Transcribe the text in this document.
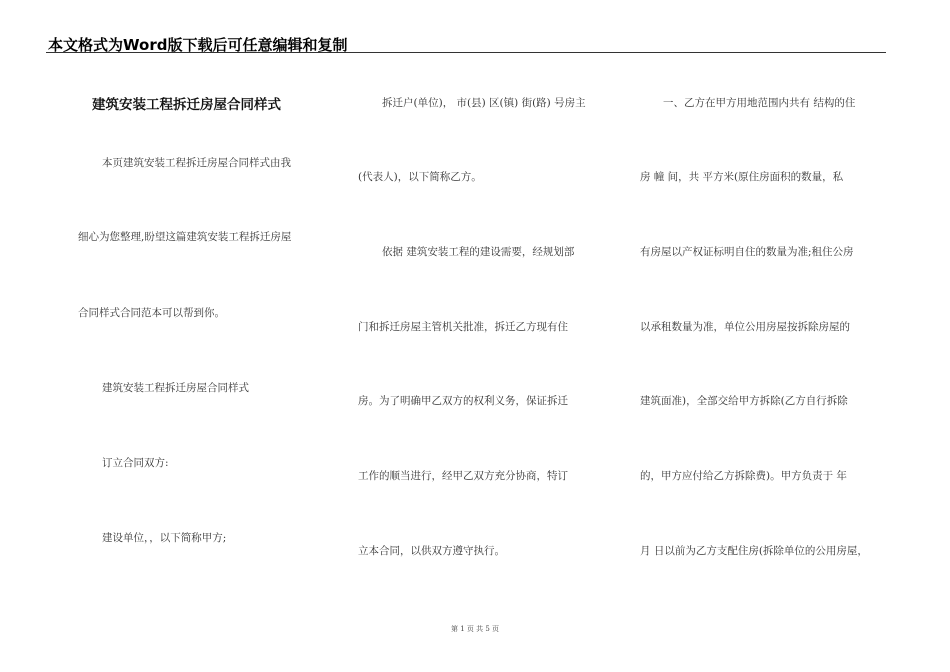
本文格式为Word版下载后可任意编辑和复制
建筑安装工程拆迁房屋合同样式
本页建筑安装工程拆迁房屋合同样式由我
细心为您整理,盼望这篇建筑安装工程拆迁房屋
合同样式合同范本可以帮到你。
建筑安装工程拆迁房屋合同样式
订立合同双方:
建设单位，，以下简称甲方;
拆迁户(单位)， 市(县) 区(镇) 街(路) 号房主
(代表人)，以下简称乙方。
依据 建筑安装工程的建设需要，经规划部
门和拆迁房屋主管机关批准，拆迁乙方现有住
房。为了明确甲乙双方的权利义务，保证拆迁
工作的顺当进行，经甲乙双方充分协商，特订
立本合同，以供双方遵守执行。
一、乙方在甲方用地范围内共有 结构的住
房 幢 间，共 平方米(原住房面积的数量，私
有房屋以产权证标明自住的数量为准;租住公房
以承租数量为准，单位公用房屋按拆除房屋的
建筑面准)，全部交给甲方拆除(乙方自行拆除
的，甲方应付给乙方拆除费)。甲方负责于 年
月 日以前为乙方支配住房(拆除单位的公用房屋，
第 1 页 共 5 页
